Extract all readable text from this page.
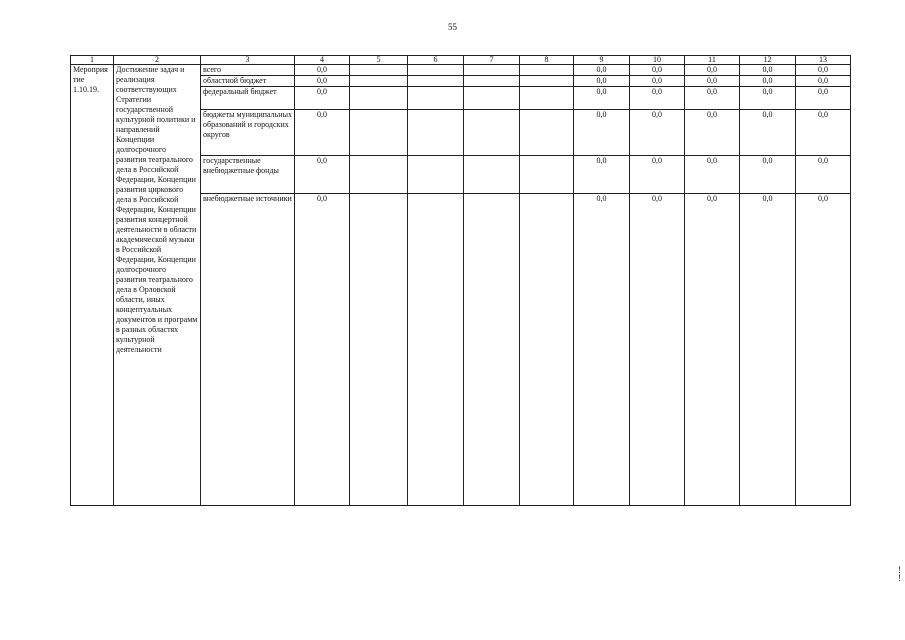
55
1	2	3	4	5	6	7	8	9	10	11	12	13
Мероприятие 1.10.19.	Достижение задач и реализация соответствующих Стратегии государственной культурной политики и направлений Концепции долгосрочного развития театрального дела в Российской Федерации, Концепции развития циркового дела в Российской Федерации, Концепции развития концертной деятельности в области академической музыки в Российской Федерации, Концепции долгосрочного развития театрального дела в Орловской области, иных концептуальных документов и программ в разных областях культурной деятельности	всего	0,0					0,0	0,0	0,0	0,0	0,0
		областной бюджет	0,0					0,0	0,0	0,0	0,0	0,0
		федеральный бюджет	0,0					0,0	0,0	0,0	0,0	0,0
		бюджеты муниципальных образований и городских округов	0,0					0,0	0,0	0,0	0,0	0,0
		государственные внебюджетные фонды	0,0					0,0	0,0	0,0	0,0	0,0
		внебюджетные источники	0,0					0,0	0,0	0,0	0,0	0,0
!
!
